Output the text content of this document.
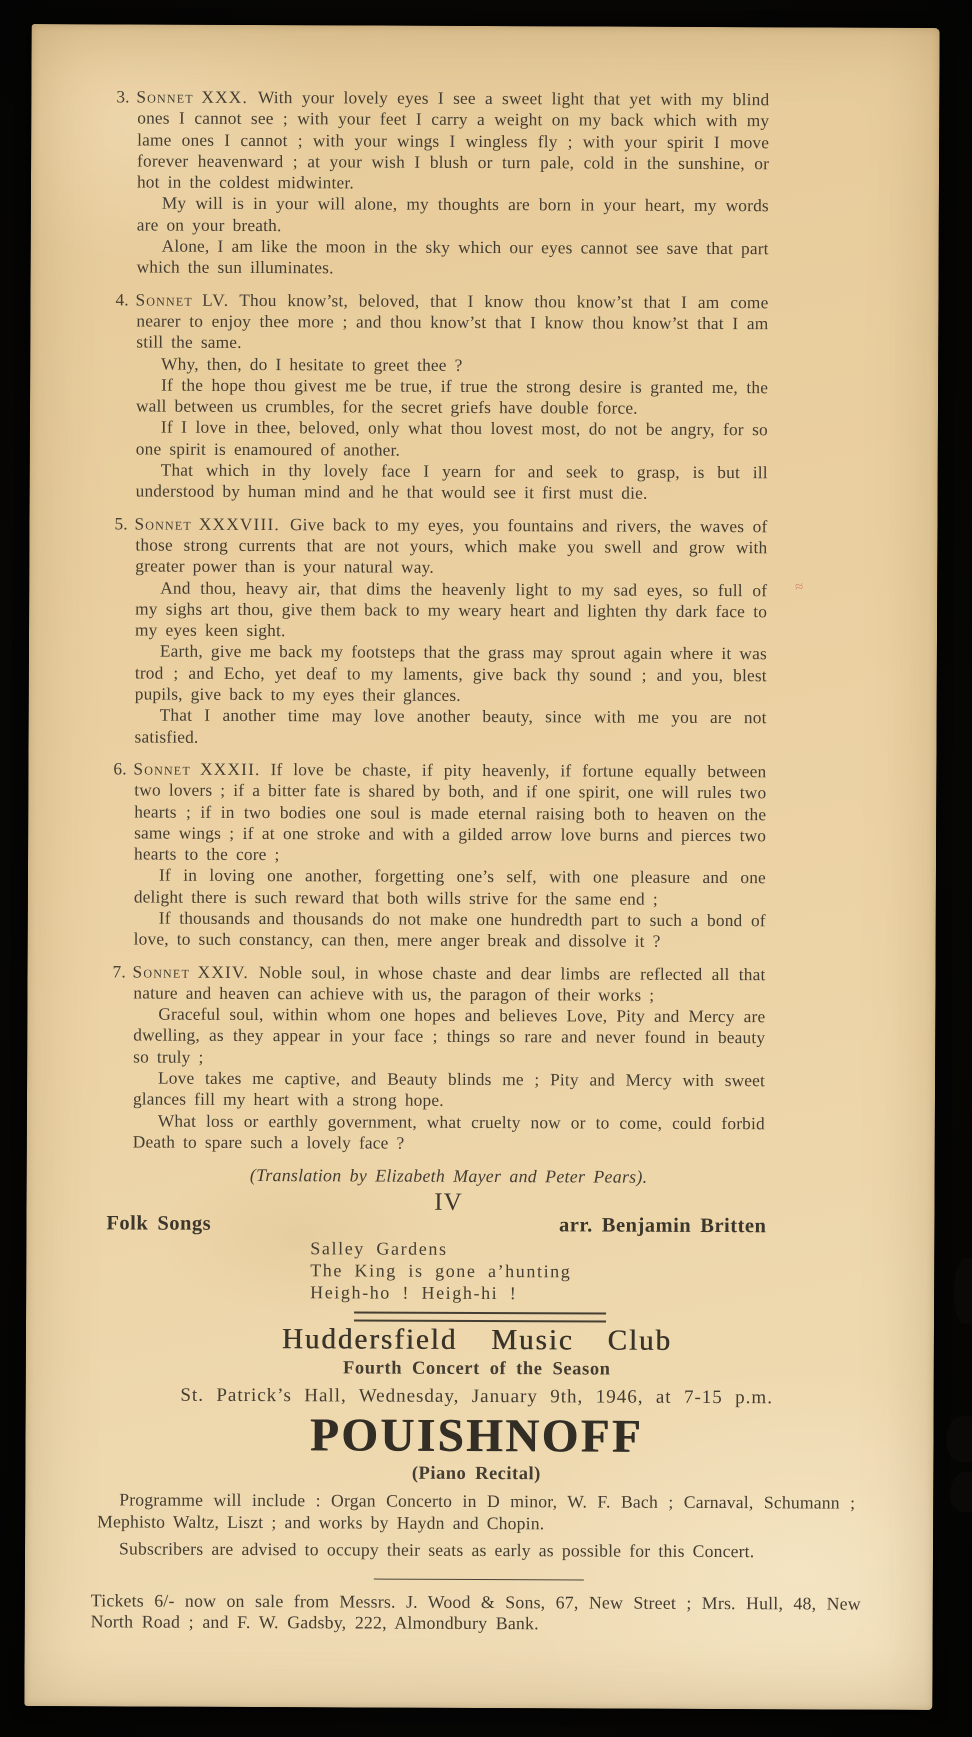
≈

3. Sonnet XXX. With your lovely eyes I see a sweet light that yet with my blind ones I cannot see ; with your feet I carry a weight on my back which with my lame ones I cannot ; with your wings I wingless fly ; with your spirit I move forever heavenward ; at your wish I blush or turn pale, cold in the sunshine, or hot in the coldest midwinter.

My will is in your will alone, my thoughts are born in your heart, my words are on your breath.

Alone, I am like the moon in the sky which our eyes cannot see save that part which the sun illuminates.

4. Sonnet LV. Thou know’st, beloved, that I know thou know’st that I am come nearer to enjoy thee more ; and thou know’st that I know thou know’st that I am still the same.

Why, then, do I hesitate to greet thee ?

If the hope thou givest me be true, if true the strong desire is granted me, the wall between us crumbles, for the secret griefs have double force.

If I love in thee, beloved, only what thou lovest most, do not be angry, for so one spirit is enamoured of another.

That which in thy lovely face I yearn for and seek to grasp, is but ill understood by human mind and he that would see it first must die.

5. Sonnet XXXVIII. Give back to my eyes, you fountains and rivers, the waves of those strong currents that are not yours, which make you swell and grow with greater power than is your natural way.

And thou, heavy air, that dims the heavenly light to my sad eyes, so full of my sighs art thou, give them back to my weary heart and lighten thy dark face to my eyes keen sight.

Earth, give me back my footsteps that the grass may sprout again where it was trod ; and Echo, yet deaf to my laments, give back thy sound ; and you, blest pupils, give back to my eyes their glances.

That I another time may love another beauty, since with me you are not satisfied.

6. Sonnet XXXII. If love be chaste, if pity heavenly, if fortune equally between two lovers ; if a bitter fate is shared by both, and if one spirit, one will rules two hearts ; if in two bodies one soul is made eternal raising both to heaven on the same wings ; if at one stroke and with a gilded arrow love burns and pierces two hearts to the core ;

If in loving one another, forgetting one’s self, with one pleasure and one delight there is such reward that both wills strive for the same end ;

If thousands and thousands do not make one hundredth part to such a bond of love, to such constancy, can then, mere anger break and dissolve it ?

7. Sonnet XXIV. Noble soul, in whose chaste and dear limbs are reflected all that nature and heaven can achieve with us, the paragon of their works ;

Graceful soul, within whom one hopes and believes Love, Pity and Mercy are dwelling, as they appear in your face ; things so rare and never found in beauty so truly ;

Love takes me captive, and Beauty blinds me ; Pity and Mercy with sweet glances fill my heart with a strong hope.

What loss or earthly government, what cruelty now or to come, could forbid Death to spare such a lovely face ?

(Translation by Elizabeth Mayer and Peter Pears).
IV
Folk Songs	arr. Benjamin Britten
Salley Gardens
The King is gone a’hunting
Heigh-ho ! Heigh-hi !
Huddersfield Music Club
Fourth Concert of the Season
St. Patrick’s Hall, Wednesday, January 9th, 1946, at 7-15 p.m.
POUISHNOFF
(Piano Recital)

Programme will include : Organ Concerto in D minor, W. F. Bach ; Carnaval, Schumann ; Mephisto Waltz, Liszt ; and works by Haydn and Chopin.

Subscribers are advised to occupy their seats as early as possible for this Concert.

Tickets 6/- now on sale from Messrs. J. Wood & Sons, 67, New Street ; Mrs. Hull, 48, New North Road ; and F. W. Gadsby, 222, Almondbury Bank.
